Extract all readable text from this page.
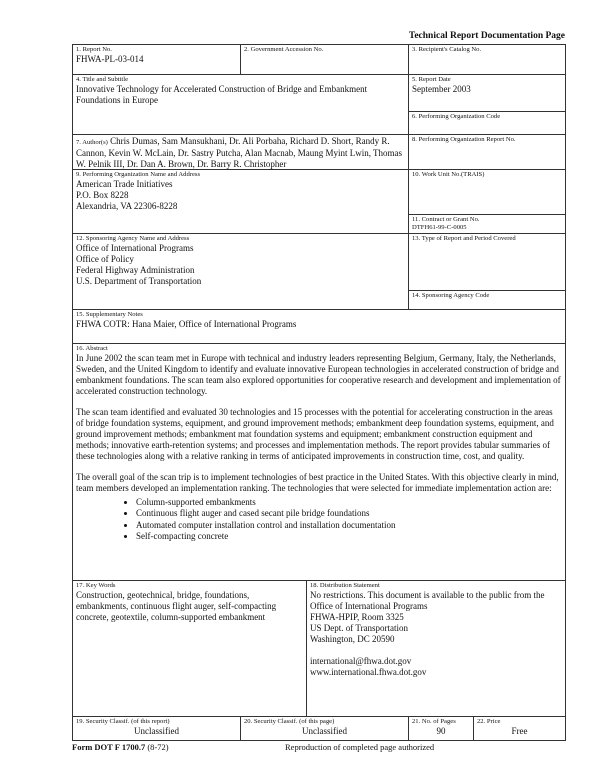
Technical Report Documentation Page
1. Report No.
FHWA-PL-03-014
2. Government Accession No.	3. Recipient's Catalog No.
4. Title and Subtitle
Innovative Technology for Accelerated Construction of Bridge and Embankment Foundations in Europe
5. Report Date
September 2003
6. Performing Organization Code
7. Author(s) Chris Dumas, Sam Mansukhani, Dr. Ali Porbaha, Richard D. Short, Randy R. Cannon, Kevin W. McLain, Dr. Sastry Putcha, Alan Macnab, Maung Myint Lwin, Thomas W. Pelnik III, Dr. Dan A. Brown, Dr. Barry R. Christopher
8. Performing Organization Report No.
9. Performing Organization Name and Address
American Trade Initiatives
P.O. Box 8228
Alexandria, VA 22306-8228
10. Work Unit No.(TRAIS)
11. Contract or Grant No.
DTFH61-99-C-0005
12. Sponsoring Agency Name and Address
Office of International Programs
Office of Policy
Federal Highway Administration
U.S. Department of Transportation
13. Type of Report and Period Covered
14. Sponsoring Agency Code
15. Supplementary Notes
FHWA COTR: Hana Maier, Office of International Programs
16. Abstract

In June 2002 the scan team met in Europe with technical and industry leaders representing Belgium, Germany, Italy, the Netherlands, Sweden, and the United Kingdom to identify and evaluate innovative European technologies in accelerated construction of bridge and embankment foundations. The scan team also explored opportunities for cooperative research and development and implementation of accelerated construction technology.

The scan team identified and evaluated 30 technologies and 15 processes with the potential for accelerating construction in the areas of bridge foundation systems, equipment, and ground improvement methods; embankment deep foundation systems, equipment, and ground improvement methods; embankment mat foundation systems and equipment; embankment construction equipment and methods; innovative earth-retention systems; and processes and implementation methods. The report provides tabular summaries of these technologies along with a relative ranking in terms of anticipated improvements in construction time, cost, and quality.

The overall goal of the scan trip is to implement technologies of best practice in the United States. With this objective clearly in mind, team members developed an implementation ranking. The technologies that were selected for immediate implementation action are:

• Column-supported embankments
• Continuous flight auger and cased secant pile bridge foundations
• Automated computer installation control and installation documentation
• Self-compacting concrete
17. Key Words
Construction, geotechnical, bridge, foundations, embankments, continuous flight auger, self-compacting concrete, geotextile, column-supported embankment
18. Distribution Statement
No restrictions. This document is available to the public from the
Office of International Programs
FHWA-HPIP, Room 3325
US Dept. of Transportation
Washington, DC 20590
international@fhwa.dot.gov
www.international.fhwa.dot.gov
19. Security Classif. (of this report)
Unclassified
20. Security Classif. (of this page)
Unclassified
21. No. of Pages
90
22. Price
Free
Form DOT F 1700.7 (8-72)	Reproduction of completed page authorized
